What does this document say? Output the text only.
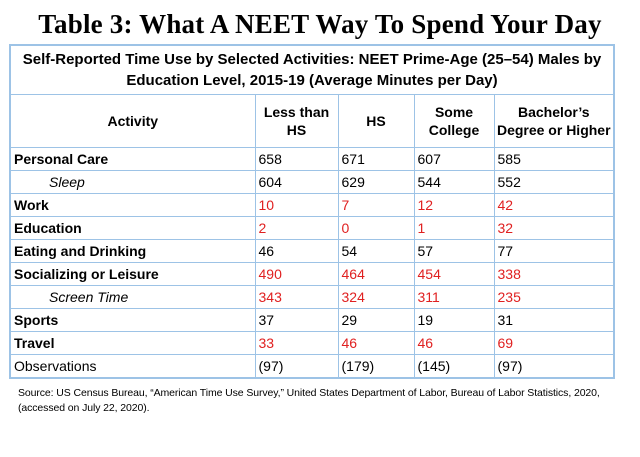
Table 3: What A NEET Way To Spend Your Day
Self-Reported Time Use by Selected Activities: NEET Prime-Age (25–54) Males by Education Level, 2015-19 (Average Minutes per Day)				
Activity	Less than HS	HS	Some College	Bachelor’s Degree or Higher
Personal Care	658	671	607	585
Sleep	604	629	544	552
Work	10	7	12	42
Education	2	0	1	32
Eating and Drinking	46	54	57	77
Socializing or Leisure	490	464	454	338
Screen Time	343	324	311	235
Sports	37	29	19	31
Travel	33	46	46	69
Observations	(97)	(179)	(145)	(97)
Source: US Census Bureau, “American Time Use Survey,” United States Department of Labor, Bureau of Labor Statistics, 2020,
(accessed on July 22, 2020).
